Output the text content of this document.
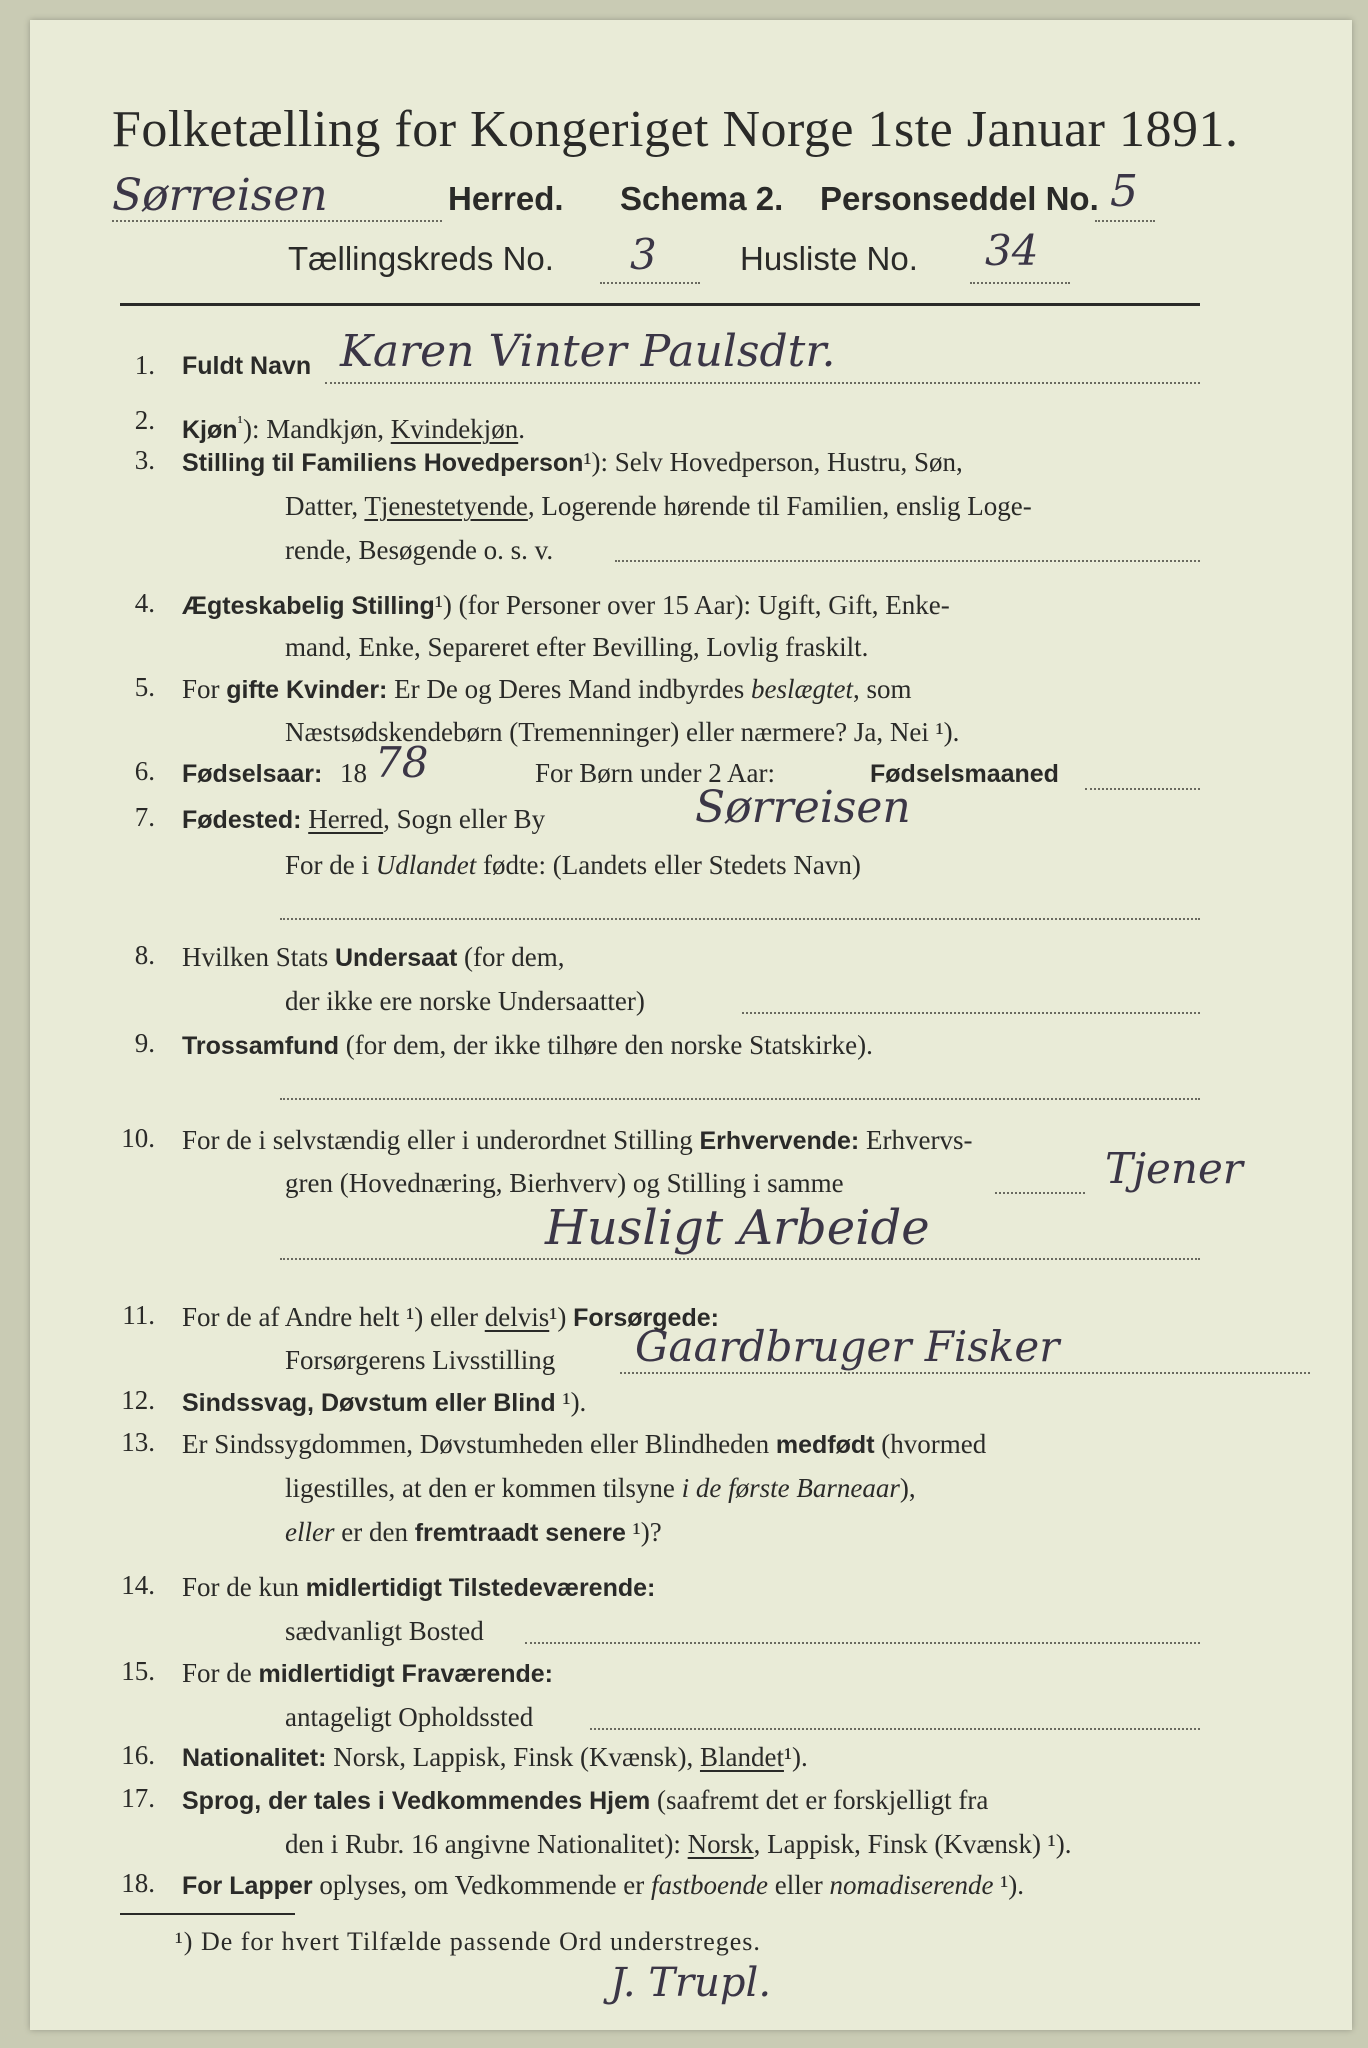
Folketælling for Kongeriget Norge 1ste Januar 1891.
Sørreisen	Herred. Schema 2. Personseddel No. 5
Tællingskreds No. 3	Husliste No. 34
1. Fuldt Navn Karen Vinter Paulsdtr.
2. Kjøn$^{^1}$): Mandkjøn, Kvindekjøn.
3. Stilling til Familiens Hovedperson¹): Selv Hovedperson, Hustru, Søn,
Datter, Tjenestetyende, Logerende hørende til Familien, enslig Loge-
rende, Besøgende o. s. v.
4. Ægteskabelig Stilling¹) (for Personer over 15 Aar): Ugift, Gift, Enke-
mand, Enke, Separeret efter Bevilling, Lovlig fraskilt.
5. For gifte Kvinder: Er De og Deres Mand indbyrdes beslægtet, som
Næstsødskendebørn (Tremenninger) eller nærmere? Ja, Nei ¹).
6. Fødselsaar: 18 78	For Børn under 2 Aar:	Fødselsmaaned
7. Fødested: Herred, Sogn eller By	Sørreisen
For de i Udlandet fødte: (Landets eller Stedets Navn)
8. Hvilken Stats Undersaat (for dem,
der ikke ere norske Undersaatter)
9. Trossamfund (for dem, der ikke tilhøre den norske Statskirke).
10. For de i selvstændig eller i underordnet Stilling Erhvervende: Erhvervs-
gren (Hovednæring, Bierhverv) og Stilling i samme	Tjener
Husligt Arbeide
11. For de af Andre helt ¹) eller delvis¹) Forsørgede:
Forsørgerens Livsstilling Gaardbruger Fisker
12. Sindssvag, Døvstum eller Blind ¹).
13. Er Sindssygdommen, Døvstumheden eller Blindheden medfødt (hvormed
ligestilles, at den er kommen tilsyne i de første Barneaar),
eller er den fremtraadt senere ¹)?
14. For de kun midlertidigt Tilstedeværende:
sædvanligt Bosted
15. For de midlertidigt Fraværende:
antageligt Opholdssted
16. Nationalitet: Norsk, Lappisk, Finsk (Kvænsk), Blandet¹).
17. Sprog, der tales i Vedkommendes Hjem (saafremt det er forskjelligt fra
den i Rubr. 16 angivne Nationalitet): Norsk, Lappisk, Finsk (Kvænsk) ¹).
18. For Lapper oplyses, om Vedkommende er fastboende eller nomadiserende ¹).
¹) De for hvert Tilfælde passende Ord understreges.
J. Trupl.
